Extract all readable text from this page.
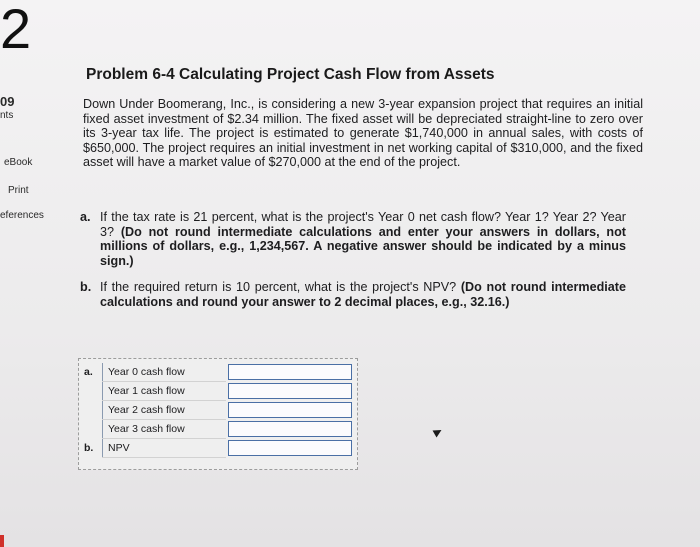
2
09
nts
eBook
Print
eferences
Problem 6-4 Calculating Project Cash Flow from Assets
Down Under Boomerang, Inc., is considering a new 3-year expansion project that requires an initial fixed asset investment of $2.34 million. The fixed asset will be depreciated straight-line to zero over its 3-year tax life. The project is estimated to generate $1,740,000 in annual sales, with costs of $650,000. The project requires an initial investment in net working capital of $310,000, and the fixed asset will have a market value of $270,000 at the end of the project.
a. If the tax rate is 21 percent, what is the project's Year 0 net cash flow? Year 1? Year 2? Year 3? (Do not round intermediate calculations and enter your answers in dollars, not millions of dollars, e.g., 1,234,567. A negative answer should be indicated by a minus sign.)
b. If the required return is 10 percent, what is the project's NPV? (Do not round intermediate calculations and round your answer to 2 decimal places, e.g., 32.16.)
a.	Year 0 cash flow	

	Year 1 cash flow	

	Year 2 cash flow	

	Year 3 cash flow	

b.	NPV	
